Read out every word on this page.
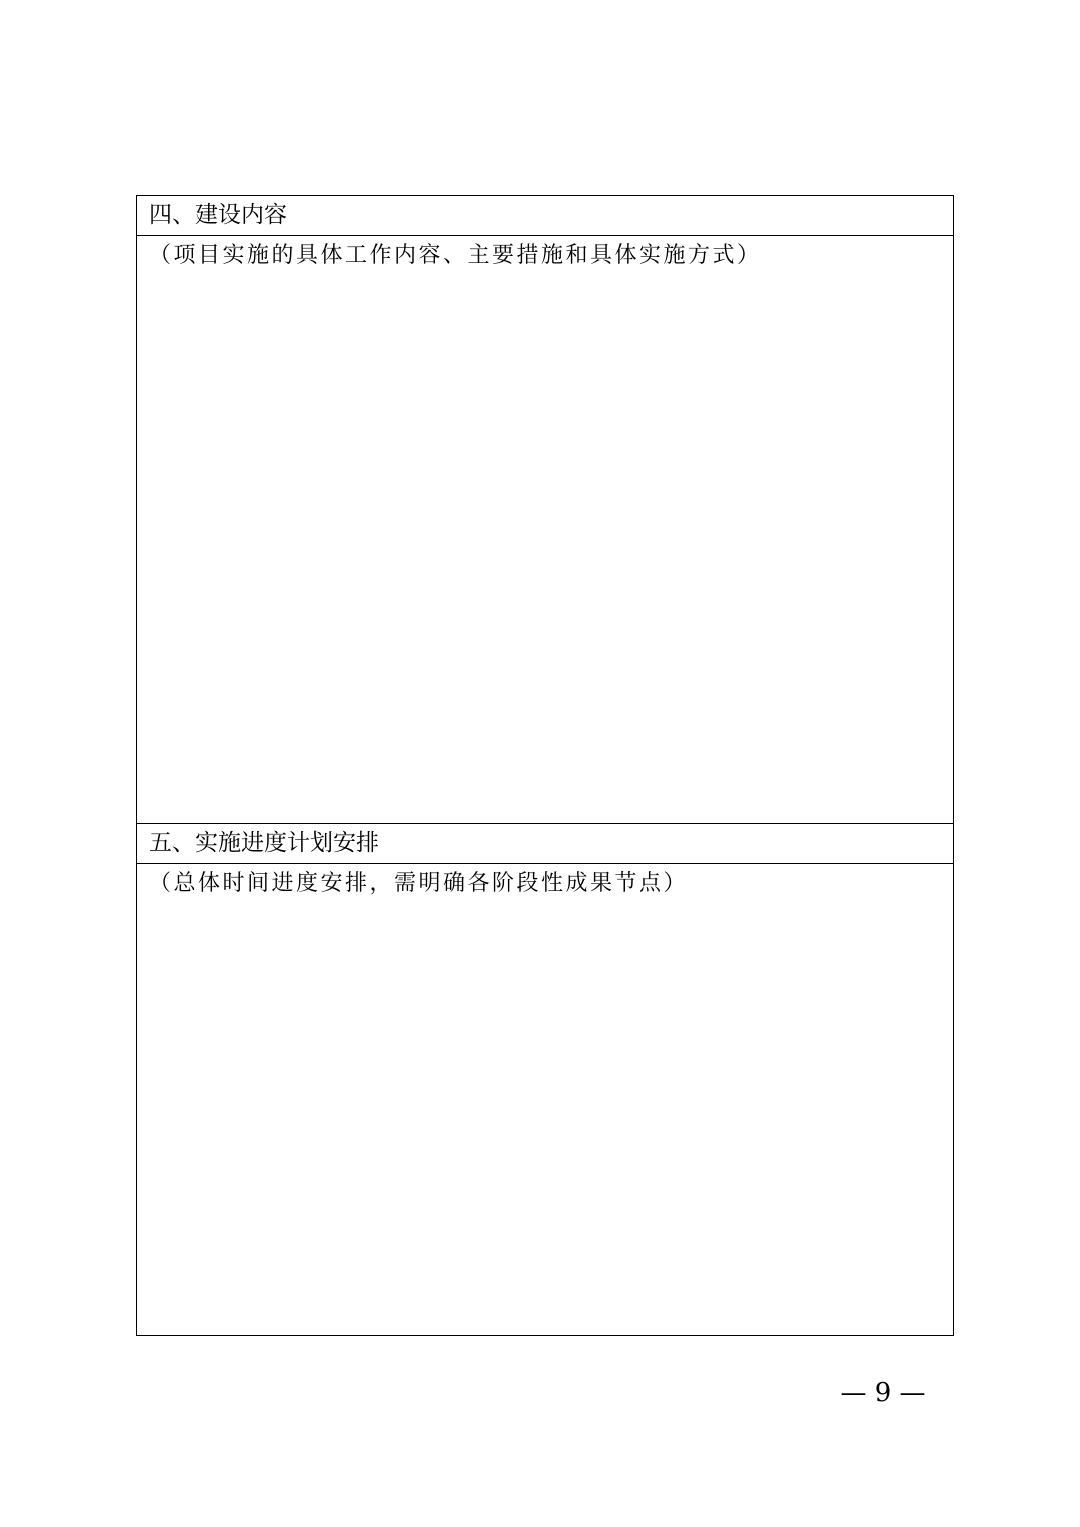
四、建设内容
（项目实施的具体工作内容、主要措施和具体实施方式）
五、实施进度计划安排
（总体时间进度安排，需明确各阶段性成果节点）
— 9 —
